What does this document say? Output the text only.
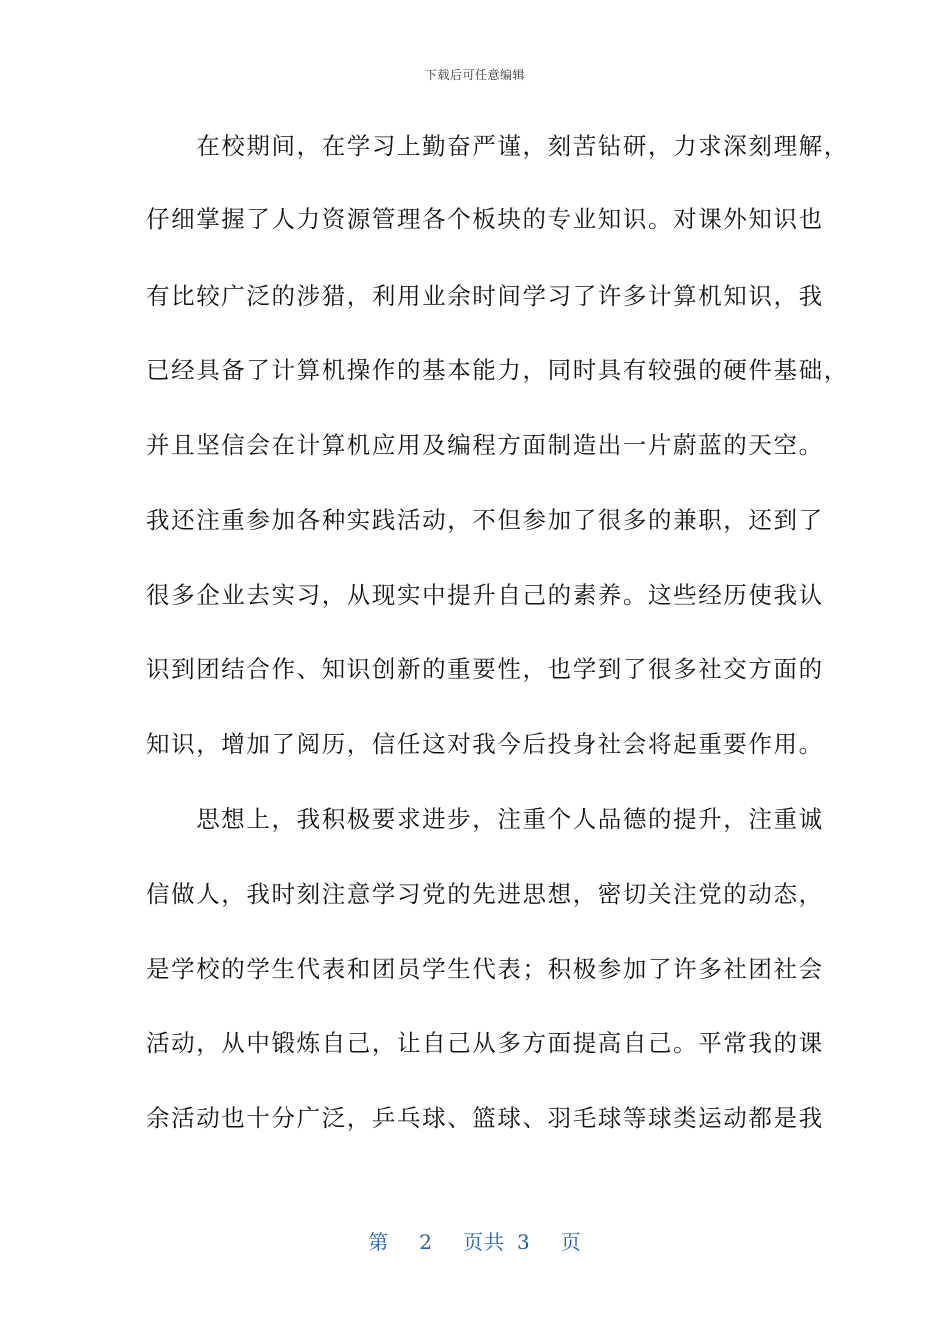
下载后可任意编辑
　　在校期间，在学习上勤奋严谨，刻苦钻研，力求深刻理解，
仔细掌握了人力资源管理各个板块的专业知识。对课外知识也
有比较广泛的涉猎，利用业余时间学习了许多计算机知识，我
已经具备了计算机操作的基本能力，同时具有较强的硬件基础，
并且坚信会在计算机应用及编程方面制造出一片蔚蓝的天空。
我还注重参加各种实践活动，不但参加了很多的兼职，还到了
很多企业去实习，从现实中提升自己的素养。这些经历使我认
识到团结合作、知识创新的重要性，也学到了很多社交方面的
知识，增加了阅历，信任这对我今后投身社会将起重要作用。
　　思想上，我积极要求进步，注重个人品德的提升，注重诚
信做人，我时刻注意学习党的先进思想，密切关注党的动态，
是学校的学生代表和团员学生代表；积极参加了许多社团社会
活动，从中锻炼自己，让自己从多方面提高自己。平常我的课
余活动也十分广泛，乒乓球、篮球、羽毛球等球类运动都是我
第 2 页共 3 页
